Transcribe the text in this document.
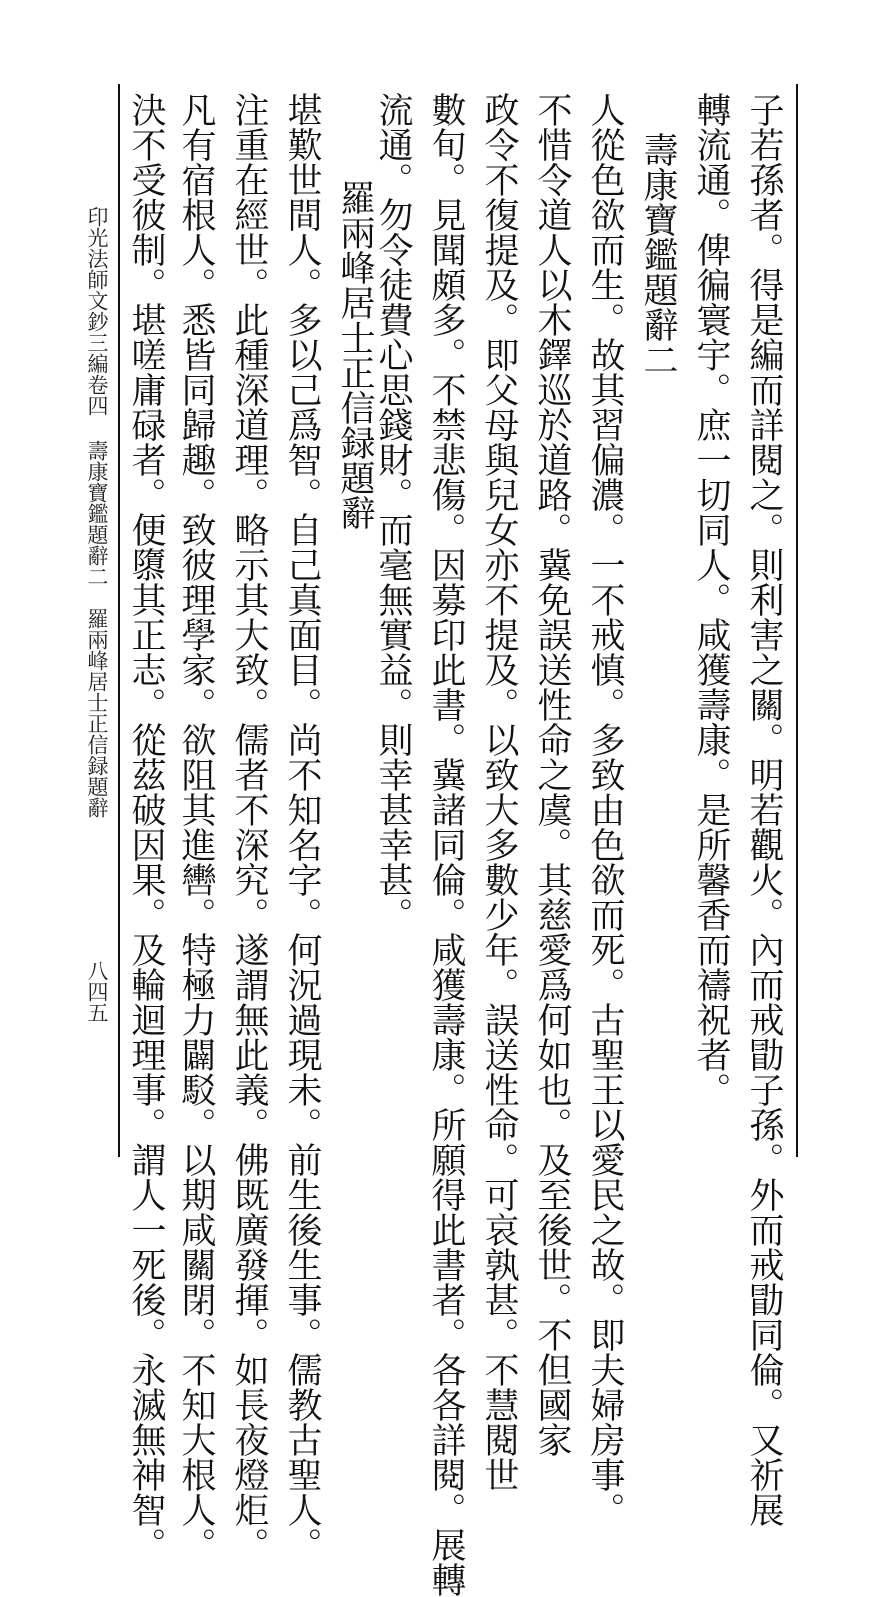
子若孫者。得是編而詳閱之。則利害之關。明若觀火。內而戒勖子孫。外而戒勖同倫。又祈展
轉流通。俾徧寰宇。庶一切同人。咸獲壽康。是所馨香而禱祝者。
壽康寶鑑題辭二
人從色欲而生。故其習偏濃。一不戒慎。多致由色欲而死。古聖王以愛民之故。即夫婦房事。
不惜令道人以木鐸巡於道路。冀免誤送性命之虞。其慈愛爲何如也。及至後世。不但國家
政令不復提及。即父母與兒女亦不提及。以致大多數少年。誤送性命。可哀孰甚。不慧閱世
數旬。見聞頗多。不禁悲傷。因募印此書。冀諸同倫。咸獲壽康。所願得此書者。各各詳閱。展轉
流通。勿令徒費心思錢財。而毫無實益。則幸甚幸甚。
羅兩峰居士正信録題辭
堪歎世間人。多以己爲智。自己真面目。尚不知名字。何況過現未。前生後生事。儒教古聖人。
注重在經世。此種深道理。略示其大致。儒者不深究。遂謂無此義。佛既廣發揮。如長夜燈炬。
凡有宿根人。悉皆同歸趣。致彼理學家。欲阻其進轡。特極力闢駁。以期咸關閉。不知大根人。
決不受彼制。堪嗟庸碌者。便隳其正志。從茲破因果。及輪迴理事。謂人一死後。永滅無神智。
印光法師文鈔三編卷四
壽康寶鑑題辭二　羅兩峰居士正信録題辭
八四五
